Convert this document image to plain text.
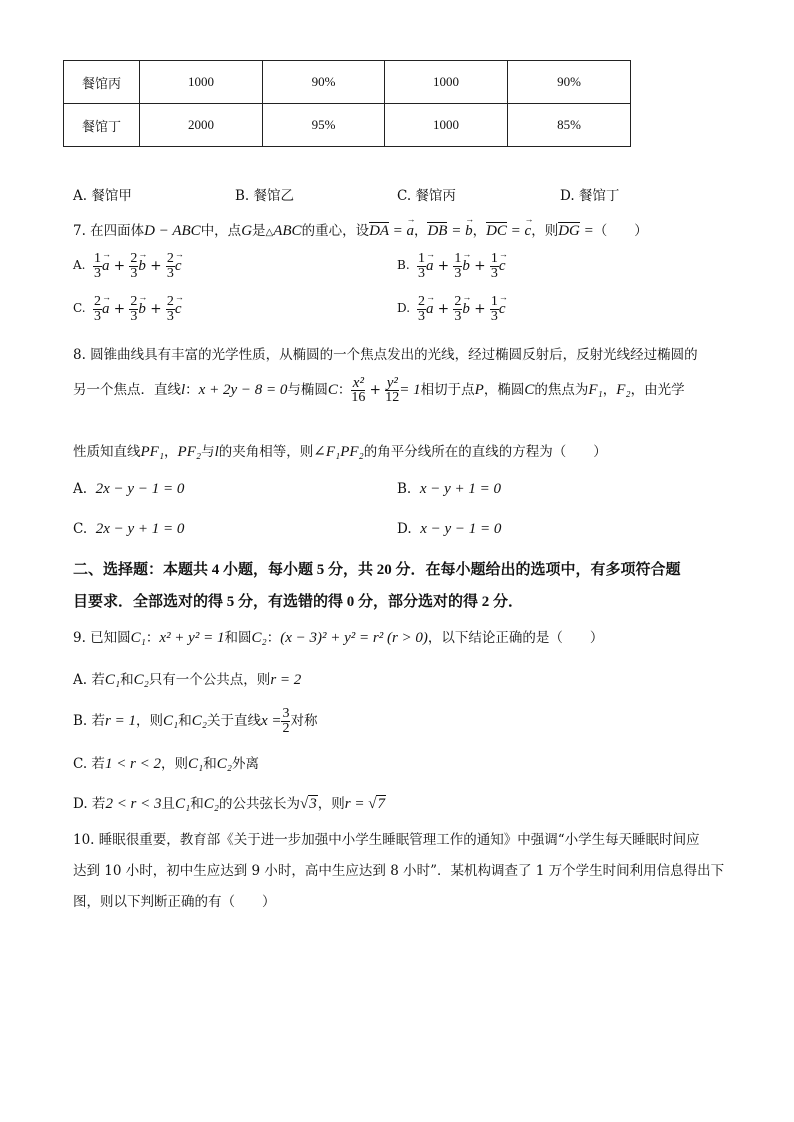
餐馆丙	1000	90%	1000	90%
餐馆丁	2000	95%	1000	85%
A. 餐馆甲	B. 餐馆乙	C. 餐馆丙	D. 餐馆丁
7. 在四面体D − ABC中，点G是△ABC的重心，设DA = → a，DB = → b，DC = → c，则DG =（　　）
A. $\frac{1}{3} \to a + \frac{2}{3} \to b + \frac{2}{3} \to c$	B. $\frac{1}{3} \to a + \frac{1}{3} \to b + \frac{1}{3} \to c$
C. $\frac{2}{3} \to a + \frac{2}{3} \to b + \frac{2}{3} \to c$	D. $\frac{2}{3} \to a + \frac{2}{3} \to b + \frac{1}{3} \to c$
8. 圆锥曲线具有丰富的光学性质，从椭圆的一个焦点发出的光线，经过椭圆反射后，反射光线经过椭圆的
另一个焦点．直线l：x + 2y − 8 = 0与椭圆C： $\frac{\text{x²}}{16} + \frac{\text{y²}}{12} = 1$相切于点P，椭圆C的焦点为F₁，F₂，由光学
性质知直线PF₁，PF₂与l的夹角相等，则∠F₁PF₂的角平分线所在的直线的方程为（　　）
A. 2x − y − 1 = 0	B. x − y + 1 = 0
C. 2x − y + 1 = 0	D. x − y − 1 = 0
二、选择题：本题共 4 小题，每小题 5 分，共 20 分．在每小题给出的选项中，有多项符合题
目要求．全部选对的得 5 分，有选错的得 0 分，部分选对的得 2 分．
9. 已知圆C₁：x² + y² = 1和圆C₂：(x − 3)² + y² = r² (r > 0)，以下结论正确的是（　　）
A. 若C₁和C₂只有一个公共点，则r = 2
B. 若r = 1，则C₁和C₂关于直线$x = \frac{3}{2}$ 对称
C. 若1 < r < 2，则C₁和C₂外离
D. 若2 < r < 3且C₁和C₂的公共弦长为√3，则r = √7
10. 睡眠很重要，教育部《关于进一步加强中小学生睡眠管理工作的通知》中强调“小学生每天睡眠时间应
达到 10 小时，初中生应达到 9 小时，高中生应达到 8 小时”．某机构调查了 1 万个学生时间利用信息得出下
图，则以下判断正确的有（　　）
